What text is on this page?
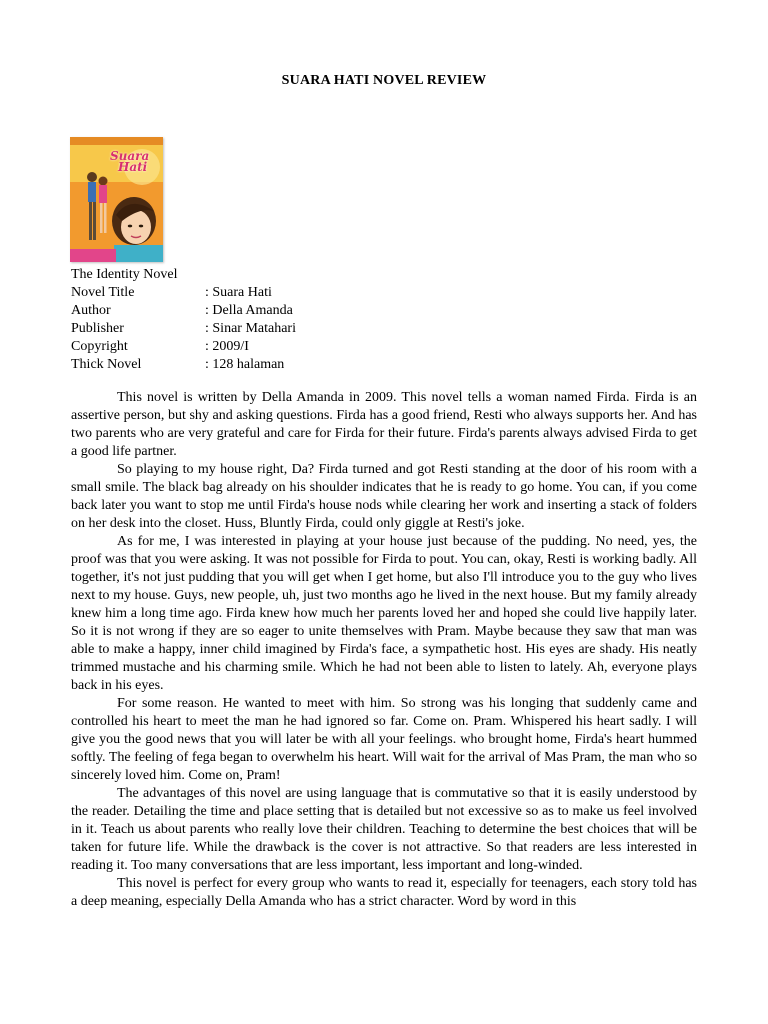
SUARA HATI NOVEL REVIEW
Suara
Hati
The Identity Novel
Novel Title	: Suara Hati
Author	: Della Amanda
Publisher	: Sinar Matahari
Copyright	: 2009/I
Thick Novel	: 128 halaman

This novel is written by Della Amanda in 2009. This novel tells a woman named Firda. Firda is an assertive person, but shy and asking questions. Firda has a good friend, Resti who always supports her. And has two parents who are very grateful and care for Firda for their future. Firda's parents always advised Firda to get a good life partner.

So playing to my house right, Da? Firda turned and got Resti standing at the door of his room with a small smile. The black bag already on his shoulder indicates that he is ready to go home. You can, if you come back later you want to stop me until Firda's house nods while clearing her work and inserting a stack of folders on her desk into the closet. Huss, Bluntly Firda, could only giggle at Resti's joke.

As for me, I was interested in playing at your house just because of the pudding. No need, yes, the proof was that you were asking. It was not possible for Firda to pout. You can, okay, Resti is working badly. All together, it's not just pudding that you will get when I get home, but also I'll introduce you to the guy who lives next to my house. Guys, new people, uh, just two months ago he lived in the next house. But my family already knew him a long time ago. Firda knew how much her parents loved her and hoped she could live happily later. So it is not wrong if they are so eager to unite themselves with Pram. Maybe because they saw that man was able to make a happy, inner child imagined by Firda's face, a sympathetic host. His eyes are shady. His neatly trimmed mustache and his charming smile. Which he had not been able to listen to lately. Ah, everyone plays back in his eyes.

For some reason. He wanted to meet with him. So strong was his longing that suddenly came and controlled his heart to meet the man he had ignored so far. Come on. Pram. Whispered his heart sadly. I will give you the good news that you will later be with all your feelings. who brought home, Firda's heart hummed softly. The feeling of fega began to overwhelm his heart. Will wait for the arrival of Mas Pram, the man who so sincerely loved him. Come on, Pram!

The advantages of this novel are using language that is commutative so that it is easily understood by the reader. Detailing the time and place setting that is detailed but not excessive so as to make us feel involved in it. Teach us about parents who really love their children. Teaching to determine the best choices that will be taken for future life. While the drawback is the cover is not attractive. So that readers are less interested in reading it. Too many conversations that are less important, less important and long-winded.

This novel is perfect for every group who wants to read it, especially for teenagers, each story told has a deep meaning, especially Della Amanda who has a strict character. Word by word in this
